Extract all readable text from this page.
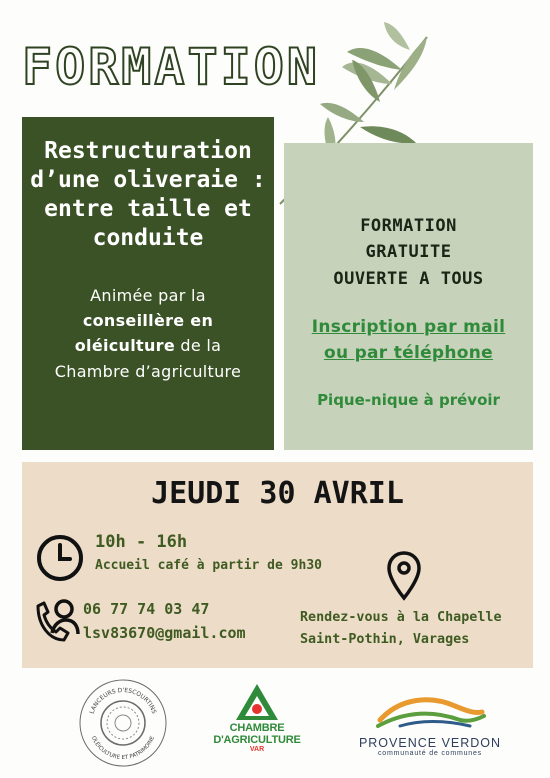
FORMATION
Restructuration d’une oliveraie : entre taille et conduite
Animée par la
conseillère en
oléiculture de la
Chambre d’agriculture
FORMATION
GRATUITE
OUVERTE A TOUS
Inscription par mail
ou par téléphone
Pique-nique à prévoir
JEUDI 30 AVRIL
10h - 16h
Accueil café à partir de 9h30
06 77 74 03 47
lsv83670@gmail.com
Rendez-vous à la Chapelle
Saint-Pothin, Varages
LANCEURS D'ESCOURTINS
OLÉICULTURE ET PATRIMOINE
CHAMBRE
D'AGRICULTURE
VAR	PROVENCE VERDON
communauté de communes
